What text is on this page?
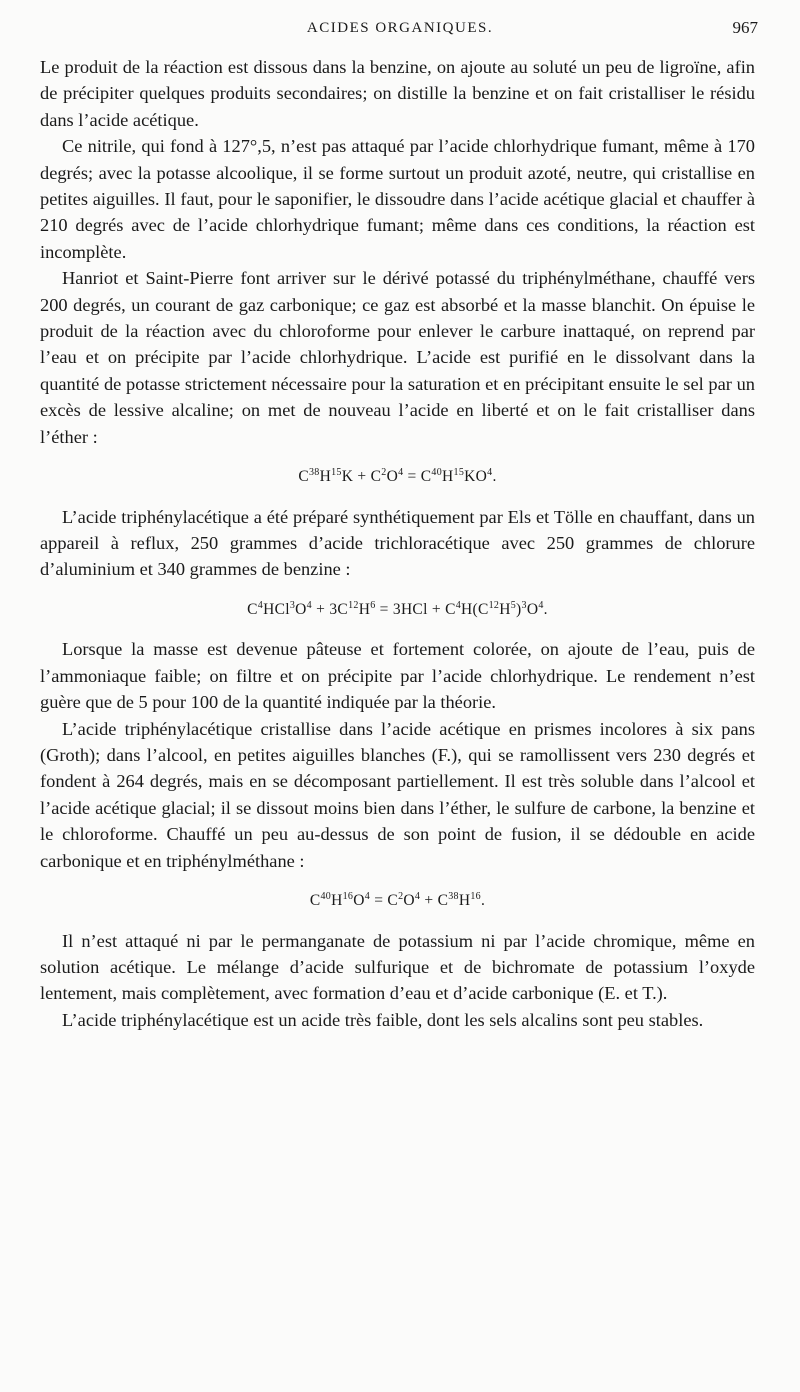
ACIDES ORGANIQUES.	967

Le produit de la réaction est dissous dans la benzine, on ajoute au soluté un peu de ligroïne, afin de précipiter quelques produits secondaires; on distille la benzine et on fait cristalliser le résidu dans l’acide acétique.

Ce nitrile, qui fond à 127°,5, n’est pas attaqué par l’acide chlorhydrique fumant, même à 170 degrés; avec la potasse alcoolique, il se forme surtout un produit azoté, neutre, qui cristallise en petites aiguilles. Il faut, pour le saponifier, le dissoudre dans l’acide acétique glacial et chauffer à 210 degrés avec de l’acide chlorhydrique fumant; même dans ces conditions, la réaction est incomplète.

Hanriot et Saint-Pierre font arriver sur le dérivé potassé du triphénylméthane, chauffé vers 200 degrés, un courant de gaz carbonique; ce gaz est absorbé et la masse blanchit. On épuise le produit de la réaction avec du chloroforme pour enlever le carbure inattaqué, on reprend par l’eau et on précipite par l’acide chlorhydrique. L’acide est purifié en le dissolvant dans la quantité de potasse strictement nécessaire pour la saturation et en précipitant ensuite le sel par un excès de lessive alcaline; on met de nouveau l’acide en liberté et on le fait cristalliser dans l’éther :

$C^{38}H^{15}K + C^2O^4 = C^{40}H^{15}KO^4$.

L’acide triphénylacétique a été préparé synthétiquement par Els et Tölle en chauffant, dans un appareil à reflux, 250 grammes d’acide trichloracétique avec 250 grammes de chlorure d’aluminium et 340 grammes de benzine :

$C^4HCl^3O^4 + 3C^{12}H^6 = 3HCl + C^4H(C^{12}H^5)^3O^4$.

Lorsque la masse est devenue pâteuse et fortement colorée, on ajoute de l’eau, puis de l’ammoniaque faible; on filtre et on précipite par l’acide chlorhydrique. Le rendement n’est guère que de 5 pour 100 de la quantité indiquée par la théorie.

L’acide triphénylacétique cristallise dans l’acide acétique en prismes incolores à six pans (Groth); dans l’alcool, en petites aiguilles blanches (F.), qui se ramollissent vers 230 degrés et fondent à 264 degrés, mais en se décomposant partiellement. Il est très soluble dans l’alcool et l’acide acétique glacial; il se dissout moins bien dans l’éther, le sulfure de carbone, la benzine et le chloroforme. Chauffé un peu au-dessus de son point de fusion, il se dédouble en acide carbonique et en triphénylméthane :

$C^{40}H^{16}O^4 = C^2O^4 + C^{38}H^{16}$.

Il n’est attaqué ni par le permanganate de potassium ni par l’acide chromique, même en solution acétique. Le mélange d’acide sulfurique et de bichromate de potassium l’oxyde lentement, mais complètement, avec formation d’eau et d’acide carbonique (E. et T.).

L’acide triphénylacétique est un acide très faible, dont les sels alcalins sont peu stables.
